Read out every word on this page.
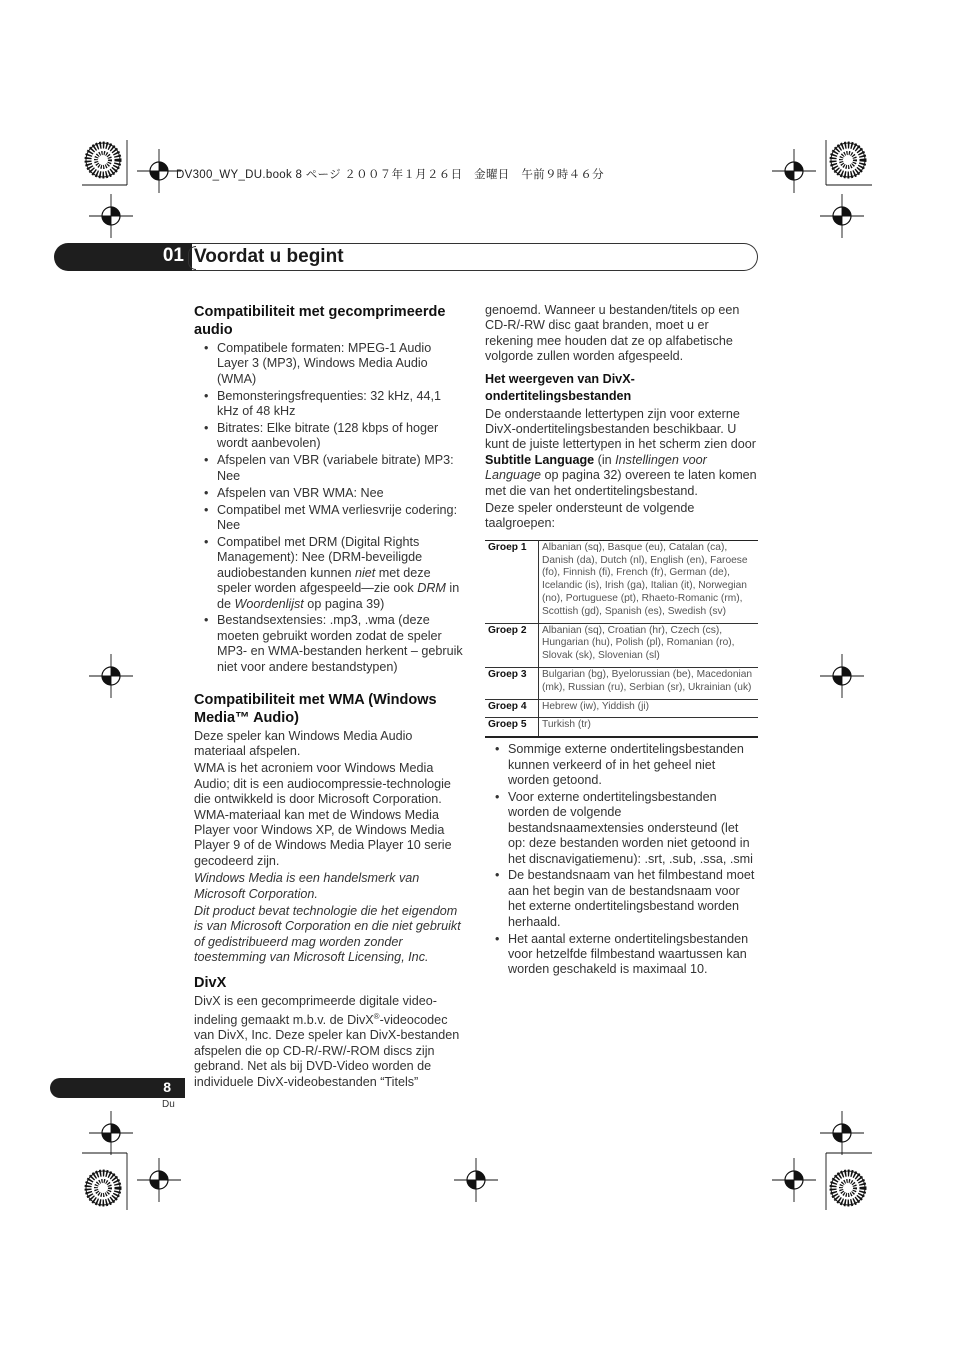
DV300_WY_DU.book 8 ページ ２００７年１月２６日　金曜日　午前９時４６分
01 Voordat u begint
Compatibiliteit met gecomprimeerde audio
• Compatibele formaten: MPEG-1 Audio Layer 3 (MP3), Windows Media Audio (WMA)
• Bemonsteringsfrequenties: 32 kHz, 44,1 kHz of 48 kHz
• Bitrates: Elke bitrate (128 kbps of hoger wordt aanbevolen)
• Afspelen van VBR (variabele bitrate) MP3: Nee
• Afspelen van VBR WMA: Nee
• Compatibel met WMA verliesvrije codering: Nee
• Compatibel met DRM (Digital Rights Management): Nee (DRM-beveiligde audiobestanden kunnen niet met deze speler worden afgespeeld—zie ook DRM in de Woordenlijst op pagina 39)
• Bestandsextensies: .mp3, .wma (deze moeten gebruikt worden zodat de speler MP3- en WMA-bestanden herkent – gebruik niet voor andere bestandstypen)
Compatibiliteit met WMA (Windows Media™ Audio)

Deze speler kan Windows Media Audio materiaal afspelen.

WMA is het acroniem voor Windows Media Audio; dit is een audiocompressie-technologie die ontwikkeld is door Microsoft Corporation. WMA-materiaal kan met de Windows Media Player voor Windows XP, de Windows Media Player 9 of de Windows Media Player 10 serie gecodeerd zijn.

Windows Media is een handelsmerk van Microsoft Corporation.

Dit product bevat technologie die het eigendom is van Microsoft Corporation en die niet gebruikt of gedistribueerd mag worden zonder toestemming van Microsoft Licensing, Inc.

DivX

DivX is een gecomprimeerde digitale video-indeling gemaakt m.b.v. de DivX®-videocodec van DivX, Inc. Deze speler kan DivX-bestanden afspelen die op CD-R/-RW/-ROM discs zijn gebrand. Net als bij DVD-Video worden de individuele DivX-videobestanden “Titels”

genoemd. Wanneer u bestanden/titels op een CD-R/-RW disc gaat branden, moet u er rekening mee houden dat ze op alfabetische volgorde zullen worden afgespeeld.

Het weergeven van DivX-ondertitelingsbestanden

De onderstaande lettertypen zijn voor externe DivX-ondertitelingsbestanden beschikbaar. U kunt de juiste lettertypen in het scherm zien door Subtitle Language (in Instellingen voor Language op pagina 32) overeen te laten komen met die van het ondertitelingsbestand.

Deze speler ondersteunt de volgende taalgroepen:

Groep 1	Albanian (sq), Basque (eu), Catalan (ca), Danish (da), Dutch (nl), English (en), Faroese (fo), Finnish (fi), French (fr), German (de), Icelandic (is), Irish (ga), Italian (it), Norwegian (no), Portuguese (pt), Rhaeto-Romanic (rm), Scottish (gd), Spanish (es), Swedish (sv)
Groep 2	Albanian (sq), Croatian (hr), Czech (cs), Hungarian (hu), Polish (pl), Romanian (ro), Slovak (sk), Slovenian (sl)
Groep 3	Bulgarian (bg), Byelorussian (be), Macedonian (mk), Russian (ru), Serbian (sr), Ukrainian (uk)
Groep 4	Hebrew (iw), Yiddish (ji)
Groep 5	Turkish (tr)
• Sommige externe ondertitelingsbestanden kunnen verkeerd of in het geheel niet worden getoond.
• Voor externe ondertitelingsbestanden worden de volgende bestandsnaamextensies ondersteund (let op: deze bestanden worden niet getoond in het discnavigatiemenu): .srt, .sub, .ssa, .smi
• De bestandsnaam van het filmbestand moet aan het begin van de bestandsnaam voor het externe ondertitelingsbestand worden herhaald.
• Het aantal externe ondertitelingsbestanden voor hetzelfde filmbestand waartussen kan worden geschakeld is maximaal 10.
8
Du
